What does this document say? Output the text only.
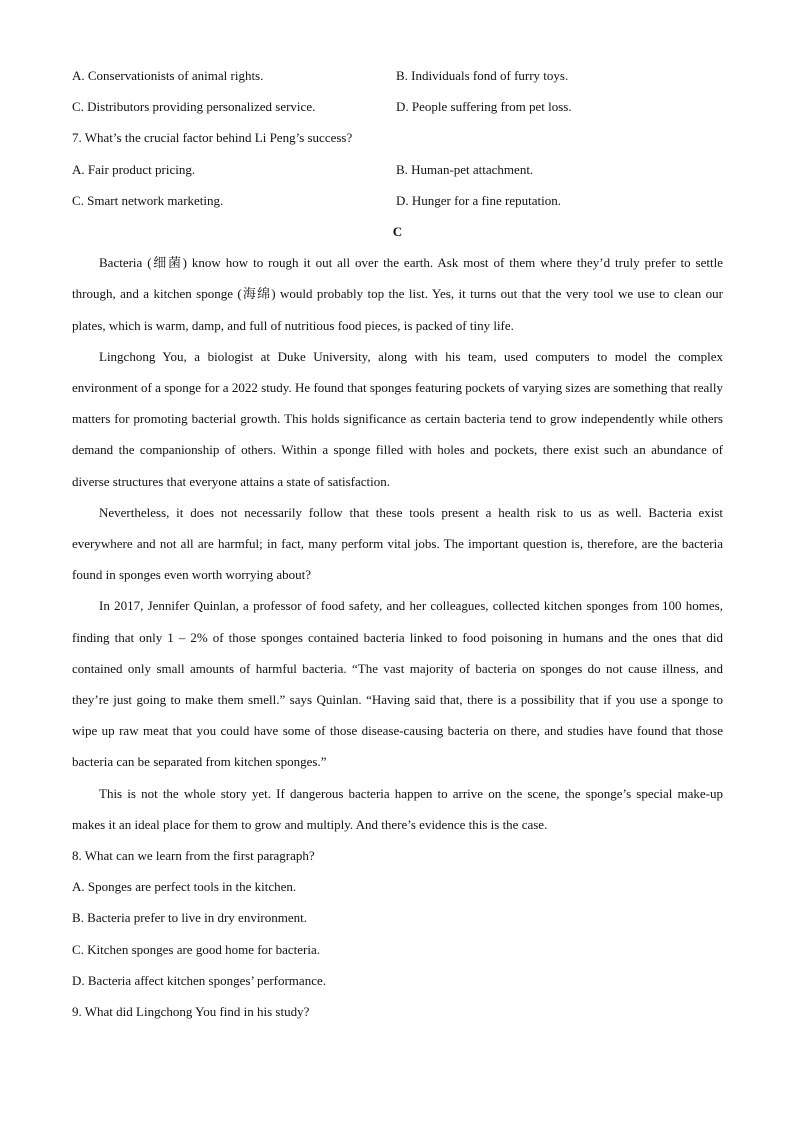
A. Conservationists of animal rights.	B. Individuals fond of furry toys.
C. Distributors providing personalized service.	D. People suffering from pet loss.
7. What’s the crucial factor behind Li Peng’s success?
A. Fair product pricing.	B. Human-pet attachment.
C. Smart network marketing.	D. Hunger for a fine reputation.
C

Bacteria (细菌) know how to rough it out all over the earth. Ask most of them where they’d truly prefer to settle through, and a kitchen sponge (海绵) would probably top the list. Yes, it turns out that the very tool we use to clean our plates, which is warm, damp, and full of nutritious food pieces, is packed of tiny life.

Lingchong You, a biologist at Duke University, along with his team, used computers to model the complex environment of a sponge for a 2022 study. He found that sponges featuring pockets of varying sizes are something that really matters for promoting bacterial growth. This holds significance as certain bacteria tend to grow independently while others demand the companionship of others. Within a sponge filled with holes and pockets, there exist such an abundance of diverse structures that everyone attains a state of satisfaction.

Nevertheless, it does not necessarily follow that these tools present a health risk to us as well. Bacteria exist everywhere and not all are harmful; in fact, many perform vital jobs. The important question is, therefore, are the bacteria found in sponges even worth worrying about?

In 2017, Jennifer Quinlan, a professor of food safety, and her colleagues, collected kitchen sponges from 100 homes, finding that only 1 – 2% of those sponges contained bacteria linked to food poisoning in humans and the ones that did contained only small amounts of harmful bacteria. “The vast majority of bacteria on sponges do not cause illness, and they’re just going to make them smell.” says Quinlan. “Having said that, there is a possibility that if you use a sponge to wipe up raw meat that you could have some of those disease-causing bacteria on there, and studies have found that those bacteria can be separated from kitchen sponges.”

This is not the whole story yet. If dangerous bacteria happen to arrive on the scene, the sponge’s special make-up makes it an ideal place for them to grow and multiply. And there’s evidence this is the case.

8. What can we learn from the first paragraph?
A. Sponges are perfect tools in the kitchen.
B. Bacteria prefer to live in dry environment.
C. Kitchen sponges are good home for bacteria.
D. Bacteria affect kitchen sponges’ performance.
9. What did Lingchong You find in his study?
